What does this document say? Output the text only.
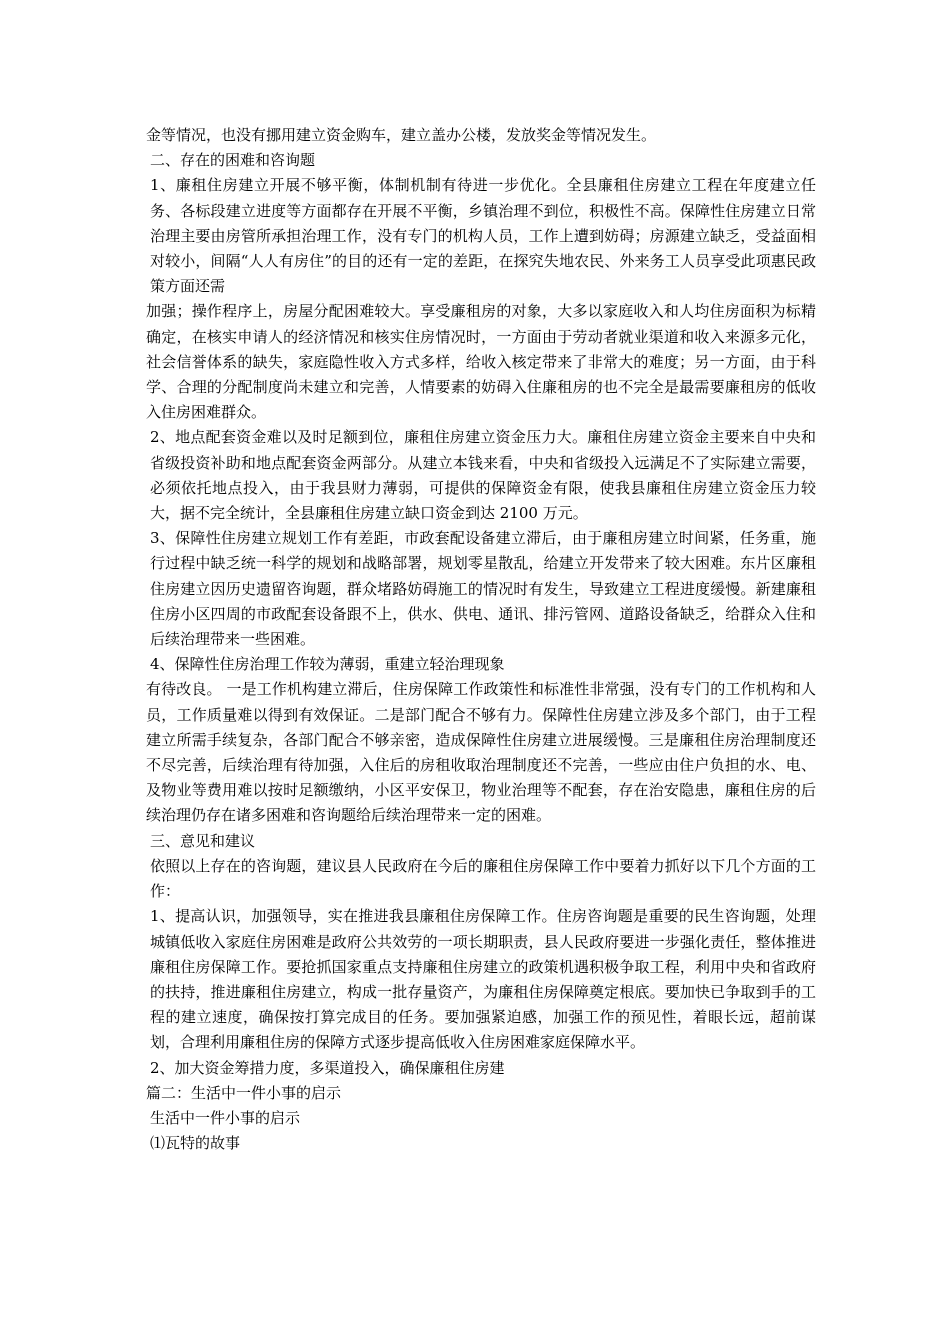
金等情况，也没有挪用建立资金购车，建立盖办公楼，发放奖金等情况发生。

二、存在的困难和咨询题

1、廉租住房建立开展不够平衡，体制机制有待进一步优化。全县廉租住房建立工程在年度建立任务、各标段建立进度等方面都存在开展不平衡，乡镇治理不到位，积极性不高。保障性住房建立日常治理主要由房管所承担治理工作，没有专门的机构人员，工作上遭到妨碍；房源建立缺乏，受益面相对较小，间隔“人人有房住”的目的还有一定的差距，在探究失地农民、外来务工人员享受此项惠民政策方面还需

加强；操作程序上，房屋分配困难较大。享受廉租房的对象，大多以家庭收入和人均住房面积为标精确定，在核实申请人的经济情况和核实住房情况时，一方面由于劳动者就业渠道和收入来源多元化，社会信誉体系的缺失，家庭隐性收入方式多样，给收入核定带来了非常大的难度；另一方面，由于科学、合理的分配制度尚未建立和完善，人情要素的妨碍入住廉租房的也不完全是最需要廉租房的低收入住房困难群众。

2、地点配套资金难以及时足额到位，廉租住房建立资金压力大。廉租住房建立资金主要来自中央和省级投资补助和地点配套资金两部分。从建立本钱来看，中央和省级投入远满足不了实际建立需要，必须依托地点投入，由于我县财力薄弱，可提供的保障资金有限，使我县廉租住房建立资金压力较大，据不完全统计，全县廉租住房建立缺口资金到达 2100 万元。

3、保障性住房建立规划工作有差距，市政套配设备建立滞后，由于廉租房建立时间紧，任务重，施行过程中缺乏统一科学的规划和战略部署，规划零星散乱，给建立开发带来了较大困难。东片区廉租住房建立因历史遗留咨询题，群众堵路妨碍施工的情况时有发生，导致建立工程进度缓慢。新建廉租住房小区四周的市政配套设备跟不上，供水、供电、通讯、排污管网、道路设备缺乏，给群众入住和后续治理带来一些困难。

4、保障性住房治理工作较为薄弱，重建立轻治理现象

有待改良。 一是工作机构建立滞后，住房保障工作政策性和标准性非常强，没有专门的工作机构和人员，工作质量难以得到有效保证。二是部门配合不够有力。保障性住房建立涉及多个部门，由于工程建立所需手续复杂，各部门配合不够亲密，造成保障性住房建立进展缓慢。三是廉租住房治理制度还不尽完善，后续治理有待加强，入住后的房租收取治理制度还不完善，一些应由住户负担的水、电、及物业等费用难以按时足额缴纳，小区平安保卫，物业治理等不配套，存在治安隐患，廉租住房的后续治理仍存在诸多困难和咨询题给后续治理带来一定的困难。

三、意见和建议

依照以上存在的咨询题，建议县人民政府在今后的廉租住房保障工作中要着力抓好以下几个方面的工作：

1、提高认识，加强领导，实在推进我县廉租住房保障工作。住房咨询题是重要的民生咨询题，处理城镇低收入家庭住房困难是政府公共效劳的一项长期职责，县人民政府要进一步强化责任，整体推进廉租住房保障工作。要抢抓国家重点支持廉租住房建立的政策机遇积极争取工程，利用中央和省政府的扶持，推进廉租住房建立，构成一批存量资产，为廉租住房保障奠定根底。要加快已争取到手的工程的建立速度，确保按打算完成目的任务。要加强紧迫感，加强工作的预见性，着眼长远，超前谋划，合理利用廉租住房的保障方式逐步提高低收入住房困难家庭保障水平。

2、加大资金筹措力度，多渠道投入，确保廉租住房建

篇二：生活中一件小事的启示

生活中一件小事的启示

⑴瓦特的故事
